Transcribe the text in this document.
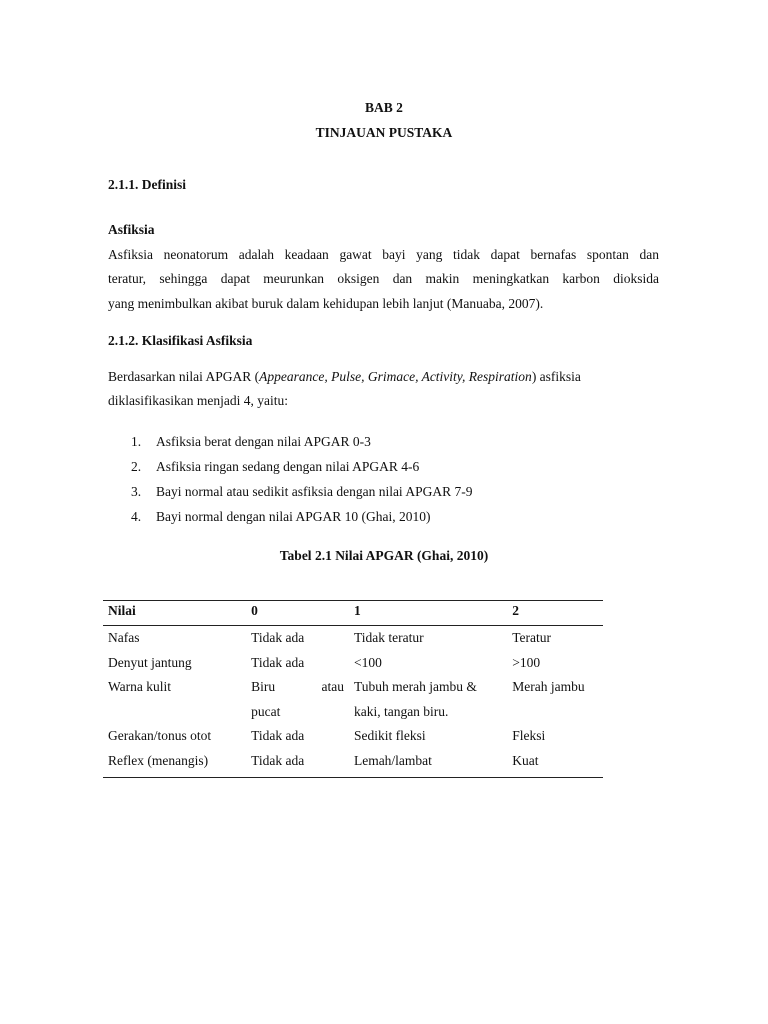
BAB 2
TINJAUAN PUSTAKA
2.1.1. Definisi
Asfiksia
Asfiksia neonatorum adalah keadaan gawat bayi yang tidak dapat bernafas spontan dan
teratur, sehingga dapat meurunkan oksigen dan makin meningkatkan karbon dioksida
yang menimbulkan akibat buruk dalam kehidupan lebih lanjut (Manuaba, 2007).
2.1.2. Klasifikasi Asfiksia
Berdasarkan nilai APGAR (Appearance, Pulse, Grimace, Activity, Respiration) asfiksia
diklasifikasikan menjadi 4, yaitu:
1. Asfiksia berat dengan nilai APGAR 0-3
2. Asfiksia ringan sedang dengan nilai APGAR 4-6
3. Bayi normal atau sedikit asfiksia dengan nilai APGAR 7-9
4. Bayi normal dengan nilai APGAR 10 (Ghai, 2010)
Tabel 2.1 Nilai APGAR (Ghai, 2010)
Nilai	0	1	2
Nafas	Tidak ada	Tidak teratur	Teratur
Denyut jantung	Tidak ada	<100	>100
Warna kulit	Biru atau	Tubuh merah jambu &	Merah jambu
	pucat	kaki, tangan biru.	
Gerakan/tonus otot	Tidak ada	Sedikit fleksi	Fleksi
Reflex (menangis)	Tidak ada	Lemah/lambat	Kuat
